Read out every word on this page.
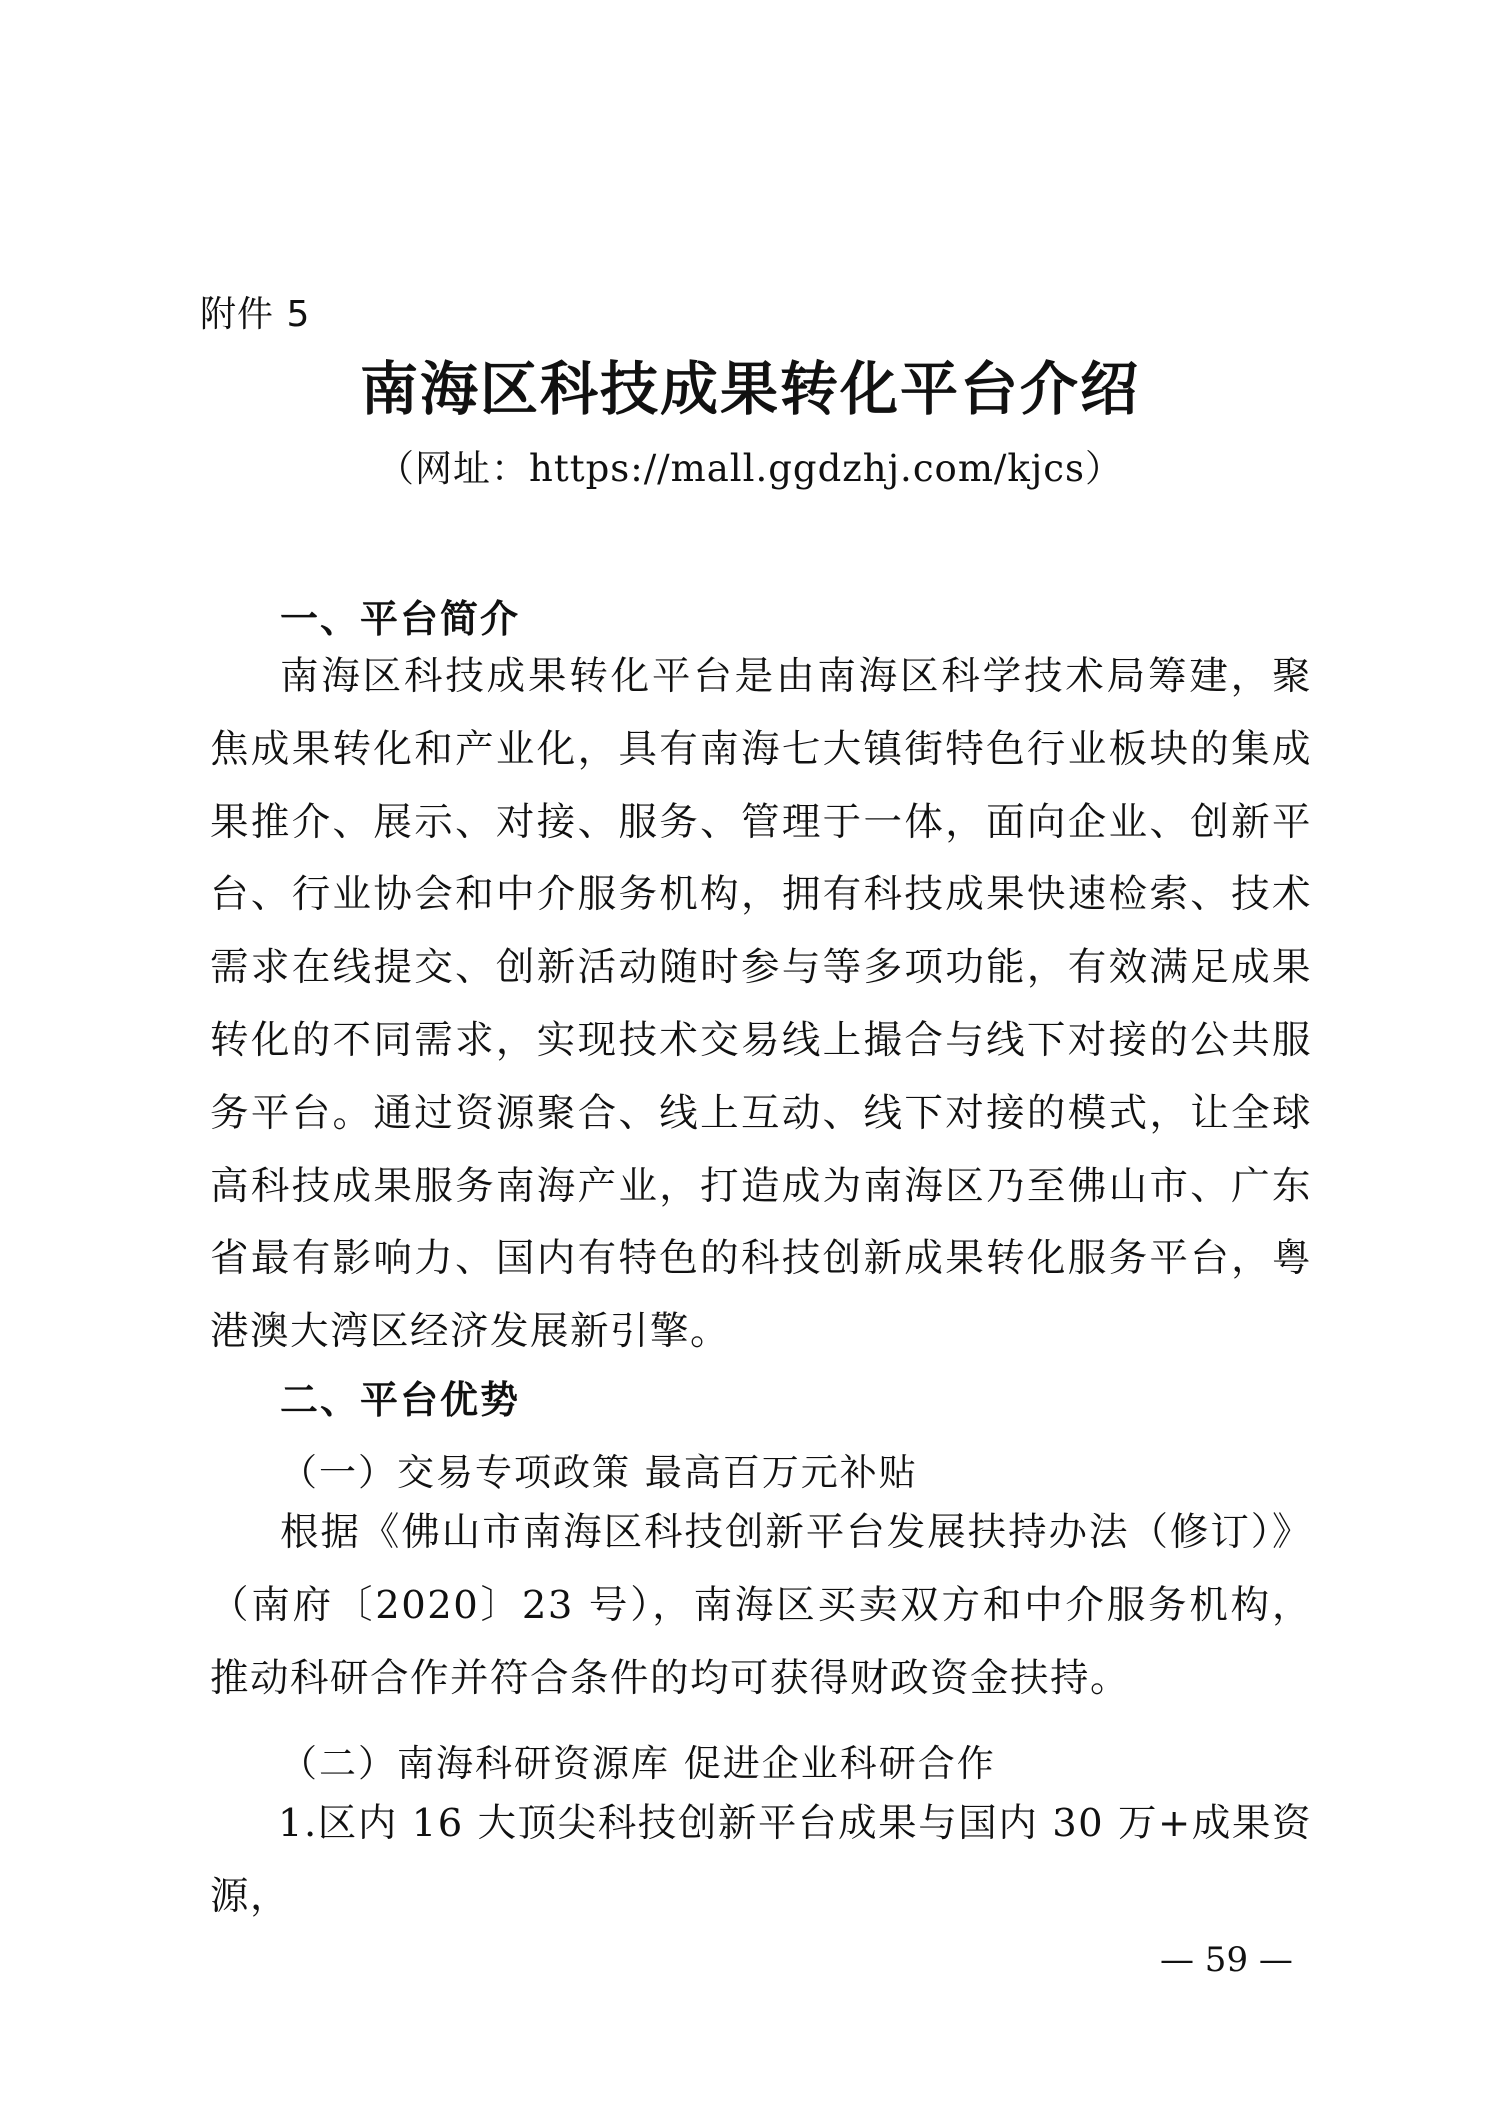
附件 5
南海区科技成果转化平台介绍
（网址：https://mall.ggdzhj.com/kjcs）
一、平台简介

南海区科技成果转化平台是由南海区科学技术局筹建，聚焦成果转化和产业化，具有南海七大镇街特色行业板块的集成果推介、展示、对接、服务、管理于一体，面向企业、创新平台、行业协会和中介服务机构，拥有科技成果快速检索、技术需求在线提交、创新活动随时参与等多项功能，有效满足成果转化的不同需求，实现技术交易线上撮合与线下对接的公共服务平台。通过资源聚合、线上互动、线下对接的模式，让全球高科技成果服务南海产业，打造成为南海区乃至佛山市、广东省最有影响力、国内有特色的科技创新成果转化服务平台，粤港澳大湾区经济发展新引擎。

二、平台优势
（一）交易专项政策 最高百万元补贴

根据《佛山市南海区科技创新平台发展扶持办法（修订）》（南府〔2020〕23 号），南海区买卖双方和中介服务机构，推动科研合作并符合条件的均可获得财政资金扶持。

（二）南海科研资源库 促进企业科研合作

1.区内 16 大顶尖科技创新平台成果与国内 30 万+成果资源，

— 59 —
